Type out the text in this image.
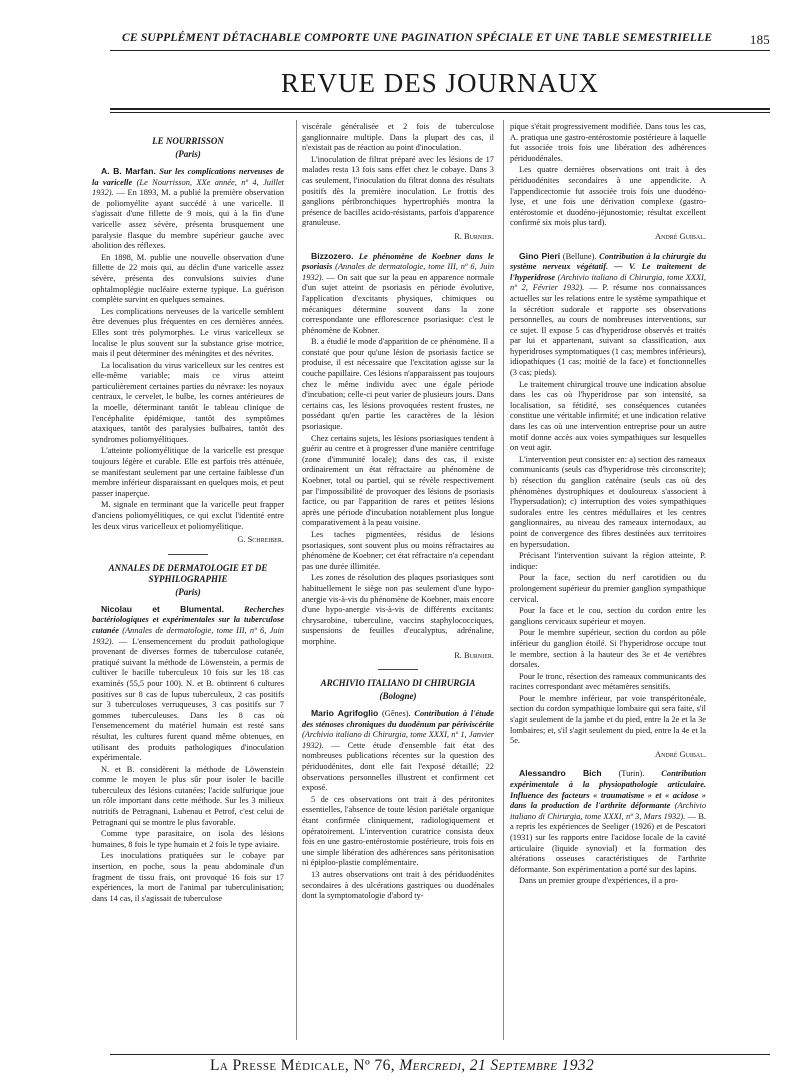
CE SUPPLÉMENT DÉTACHABLE COMPORTE UNE PAGINATION SPÉCIALE ET UNE TABLE SEMESTRIELLE	185
REVUE DES JOURNAUX
LE NOURRISSON
(Paris)

A. B. Marfan. Sur les complications nerveuses de la varicelle (Le Nourrisson, XXe année, nº 4, Juillet 1932). — En 1893, M. a publié la première observation de poliomyélite ayant succédé à une varicelle. Il s'agissait d'une fillette de 9 mois, qui à la fin d'une varicelle assez sévère, présenta brusquement une paralysie flasque du membre supérieur gauche avec abolition des réflexes.

En 1898, M. publie une nouvelle observation d'une fillette de 22 mois qui, au déclin d'une varicelle assez sévère, présenta des convulsions suivies d'une ophtalmoplégie nucléaire externe typique. La guérison complète survint en quelques semaines.

Les complications nerveuses de la varicelle semblent être devenues plus fréquentes en ces dernières années. Elles sont très polymorphes. Le virus varicelleux se localise le plus souvent sur la substance grise motrice, mais il peut déterminer des méningites et des névrites.

La localisation du virus varicelleux sur les centres est elle-même variable; mais ce virus atteint particulièrement certaines parties du névraxe: les noyaux centraux, le cervelet, le bulbe, les cornes antérieures de la moelle, déterminant tantôt le tableau clinique de l'encéphalite épidémique, tantôt des symptômes ataxiques, tantôt des paralysies bulbaires, tantôt des syndromes poliomyélitiques.

L'atteinte poliomyélitique de la varicelle est presque toujours légère et curable. Elle est parfois très atténuée, se manifestant seulement par une certaine faiblesse d'un membre inférieur disparaissant en quelques mois, et peut passer inaperçue.

M. signale en terminant que la varicelle peut frapper d'anciens poliomyélitiques, ce qui exclut l'identité entre les deux virus varicelleux et poliomyélitique.

G. Schreiber.
ANNALES DE DERMATOLOGIE ET DE SYPHILOGRAPHIE
(Paris)

Nicolau et Blumental. Recherches bactériologiques et expérimentales sur la tuberculose cutanée (Annales de dermatologie, tome III, nº 6, Juin 1932). — L'ensemencement du produit pathologique provenant de diverses formes de tuberculose cutanée, pratiqué suivant la méthode de Löwenstein, a permis de cultiver le bacille tuberculeux 10 fois sur les 18 cas examinés (55,5 pour 100). N. et B. obtinrent 6 cultures positives sur 8 cas de lupus tuberculeux, 2 cas positifs sur 3 tuberculoses verruqueuses, 3 cas positifs sur 7 gommes tuberculeuses. Dans les 8 cas où l'ensemencement du matériel humain est resté sans résultat, les cultures furent quand même obtenues, en utilisant des produits pathologiques d'inoculation expérimentale.

N. et B. considèrent la méthode de Löwenstein comme le moyen le plus sûr pour isoler le bacille tuberculeux des lésions cutanées; l'acide sulfurique joue un rôle important dans cette méthode. Sur les 3 milieux nutritifs de Petragnani, Lubenau et Petrof, c'est celui de Petragnani qui se montre le plus favorable.

Comme type parasitaire, on isola des lésions humaines, 8 fois le type humain et 2 fois le type aviaire.

Les inoculations pratiquées sur le cobaye par insertion, en poche, sous la peau abdominale d'un fragment de tissu frais, ont provoqué 16 fois sur 17 expériences, la mort de l'animal par tuberculinisation; dans 14 cas, il s'agissait de tuberculose

viscérale généralisée et 2 fois de tuberculose ganglionnaire multiple. Dans la plupart des cas, il n'existait pas de réaction au point d'inoculation.

L'inoculation de filtrat préparé avec les lésions de 17 malades resta 13 fois sans effet chez le cobaye. Dans 3 cas seulement, l'inoculation du filtrat donna des résultats positifs dès la première inoculation. Le frottis des ganglions péribronchiques hypertrophiés montra la présence de bacilles acido-résistants, parfois d'apparence granuleuse.

R. Burnier.

Bizzozero. Le phénomène de Koebner dans le psoriasis (Annales de dermatologie, tome III, nº 6, Juin 1932). — On sait que sur la peau en apparence normale d'un sujet atteint de psoriasis en période évolutive, l'application d'excitants physiques, chimiques ou mécaniques détermine souvent dans la zone correspondante une efflorescence psoriasique: c'est le phénomène de Kobner.

B. a étudié le mode d'apparition de ce phénomène. Il a constaté que pour qu'une lésion de psoriasis factice se produise, il est nécessaire que l'excitation agisse sur la couche papillaire. Ces lésions n'apparaissent pas toujours chez le même individu avec une égale période d'incubation; celle-ci peut varier de plusieurs jours. Dans certains cas, les lésions provoquées restent frustes, ne possédant qu'en partie les caractères de la lésion psoriasique.

Chez certains sujets, les lésions psoriasiques tendent à guérir au centre et à progresser d'une manière centrifuge (zone d'immunité locale); dans des cas, il existe ordinairement un état réfractaire au phénomène de Koebner, total ou partiel, qui se révèle respectivement par l'impossibilité de provoquer des lésions de psoriasis factice, ou par l'apparition de rares et petites lésions après une période d'incubation notablement plus longue comparativement à la peau voisine.

Les taches pigmentées, résidus de lésions psoriasiques, sont souvent plus ou moins réfractaires au phénomène de Koebner; cet état réfractaire n'a cependant pas une durée illimitée.

Les zones de résolution des plaques psoriasiques sont habituellement le siège non pas seulement d'une hypo-anergie vis-à-vis du phénomène de Koebner, mais encore d'une hypo-anergie vis-à-vis de différents excitants: chrysarobine, tuberculine, vaccins staphylococciques, suspensions de feuilles d'eucalyptus, adrénaline, morphine.

R. Burnier.
ARCHIVIO ITALIANO DI CHIRURGIA
(Bologne)

Mario Agrifoglio (Gênes). Contribution à l'étude des sténoses chroniques du duodénum par périviscérite (Archivio italiano di Chirurgia, tome XXXI, nº 1, Janvier 1932). — Cette étude d'ensemble fait état des nombreuses publications récentes sur la question des périduodénites, dont elle fait l'exposé détaillé; 22 observations personnelles illustrent et confirment cet exposé.

5 de ces observations ont trait à des péritonites essentielles, l'absence de toute lésion pariétale organique étant confirmée cliniquement, radiologiquement et opératoirement. L'intervention curatrice consista deux fois en une gastro-entérostomie postérieure, trois fois en une simple libération des adhérences sans péritonisation ni épiploo-plastie complémentaire.

13 autres observations ont trait à des périduodénites secondaires à des ulcérations gastriques ou duodénales dont la symptomatologie d'abord ty-

pique s'était progressivement modifiée. Dans tous les cas, A. pratiqua une gastro-entérostomie postérieure à laquelle fut associée trois fois une libération des adhérences périduodénales.

Les quatre dernières observations ont trait à des périduodénites secondaires à une appendicite. A l'appendicectomie fut associée trois fois une duodéno-lyse, et une fois une dérivation complexe (gastro-entérostomie et duodéno-jéjunostomie; résultat excellent confirmé six mois plus tard).

André Guibal.

Gino Pieri (Bellune). Contribution à la chirurgie du système nerveux végétatif. — V. Le traitement de l'hyperidrose (Archivio italiano di Chirurgia, tome XXXI, nº 2, Février 1932). — P. résume nos connaissances actuelles sur les relations entre le système sympathique et la sécrétion sudorale et rapporte ses observations personnelles, au cours de nombreuses interventions, sur ce sujet. Il expose 5 cas d'hyperidrose observés et traités par lui et appartenant, suivant sa classification, aux hyperidroses symptomatiques (1 cas; membres inférieurs), idiopathiques (1 cas; moitié de la face) et fonctionnelles (3 cas; pieds).

Le traitement chirurgical trouve une indication absolue dans les cas où l'hyperidrose par son intensité, sa localisation, sa fétidité, ses conséquences cutanées constitue une véritable infirmité; et une indication relative dans les cas où une intervention entreprise pour un autre motif donne accès aux voies sympathiques sur lesquelles on veut agir.

L'intervention peut consister en: a) section des rameaux communicants (seuls cas d'hyperidrose très circonscrite); b) résection du ganglion caténaire (seuls cas où des phénomènes dystrophiques et douloureux s'associent à l'hypersudation); c) interruption des voies sympathiques sudorales entre les centres médullaires et les centres ganglionnaires, au niveau des rameaux internodaux, au point de convergence des fibres destinées aux territoires en hypersudation.

Précisant l'intervention suivant la région atteinte, P. indique:

Pour la face, section du nerf carotidien ou du prolongement supérieur du premier ganglion sympathique cervical.

Pour la face et le cou, section du cordon entre les ganglions cervicaux supérieur et moyen.

Pour le membre supérieur, section du cordon au pôle inférieur du ganglion étoilé. Si l'hyperidrose occupe tout le membre, section à la hauteur des 3e et 4e vertèbres dorsales.

Pour le tronc, résection des rameaux communicants des racines correspondant avec métamères sensitifs.

Pour le membre inférieur, par voie transpéritonéale, section du cordon sympathique lombaire qui sera faite, s'il s'agit seulement de la jambe et du pied, entre la 2e et la 3e lombaires; et, s'il s'agit seulement du pied, entre la 4e et la 5e.

André Guibal.

Alessandro Bich (Turin). Contribution expérimentale à la physiopathologie articulaire. Influence des facteurs « traumatisme » et « acidose » dans la production de l'arthrite déformante (Archivio italiano di Chirurgia, tome XXXI, nº 3, Mars 1932). — B. a repris les expériences de Seeliger (1926) et de Pescatori (1931) sur les rapports entre l'acidose locale de la cavité articulaire (liquide synovial) et la formation des altérations osseuses caractéristiques de l'arthrite déformante. Son expérimentation a porté sur des lapins.

Dans un premier groupe d'expériences, il a pro-

La Presse Médicale, Nº 76, Mercredi, 21 Septembre 1932
